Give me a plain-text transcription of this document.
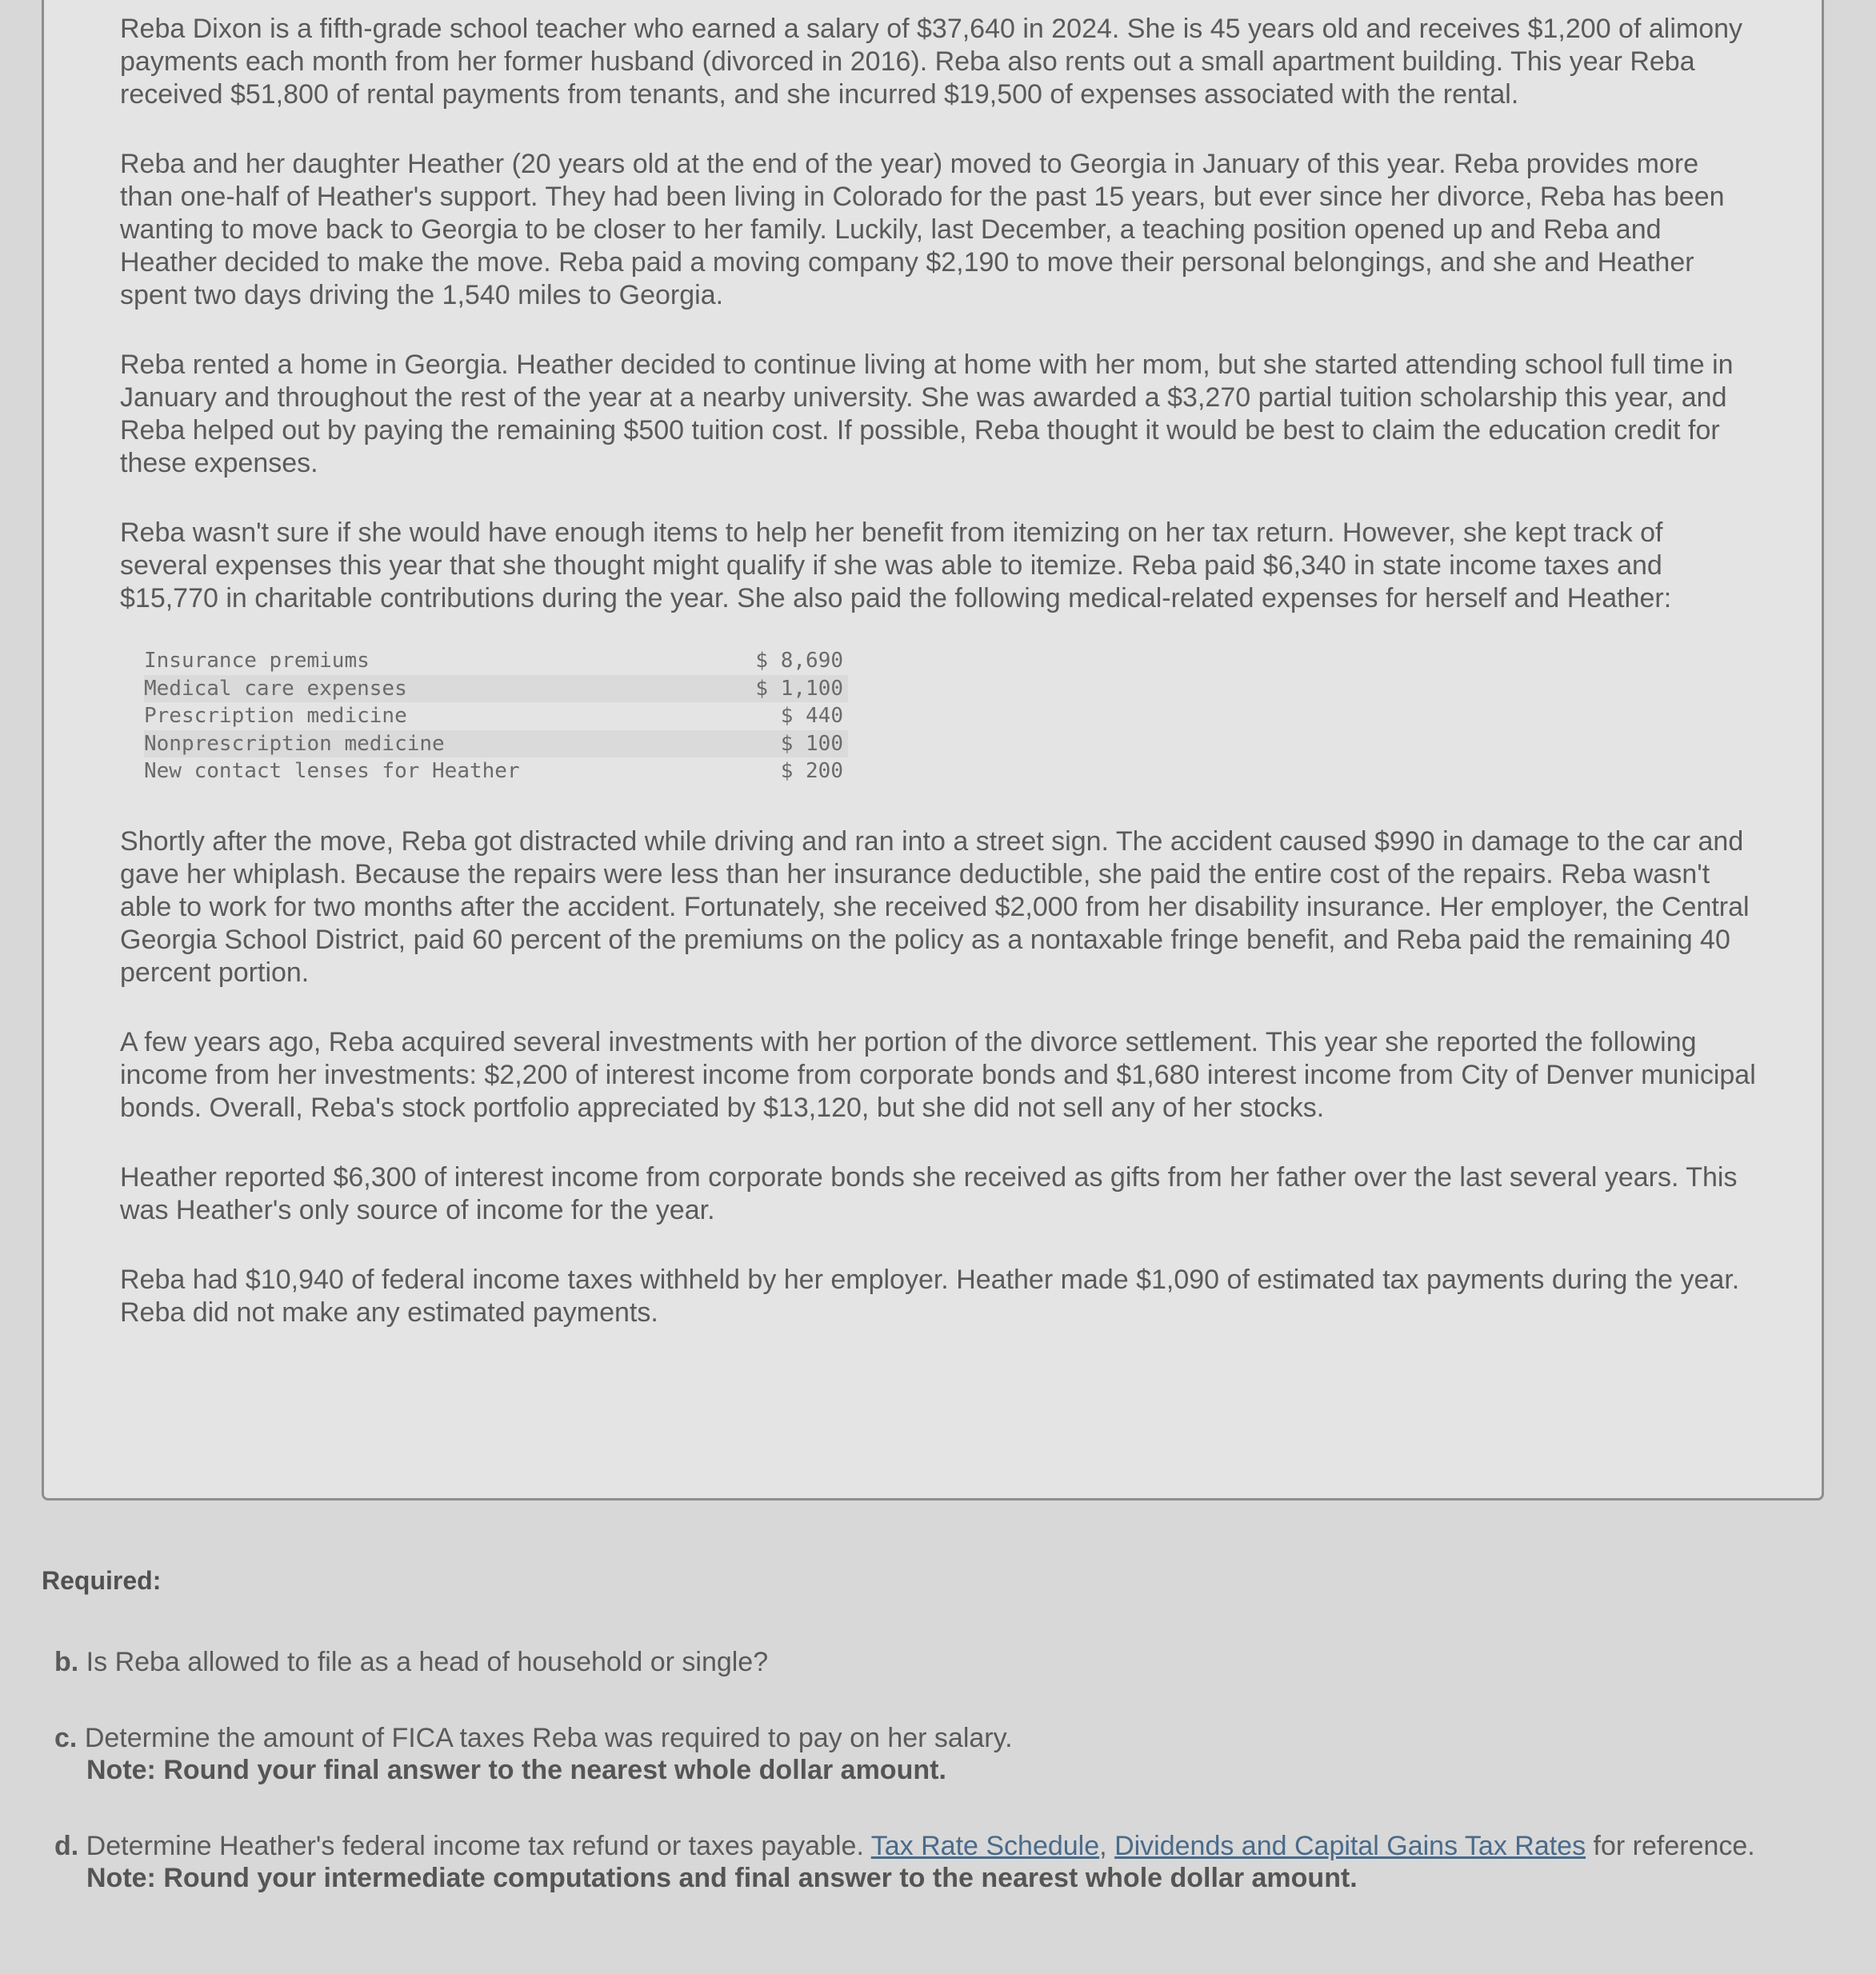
Reba Dixon is a fifth-grade school teacher who earned a salary of $37,640 in 2024. She is 45 years old and receives $1,200 of alimony payments each month from her former husband (divorced in 2016). Reba also rents out a small apartment building. This year Reba received $51,800 of rental payments from tenants, and she incurred $19,500 of expenses associated with the rental.

Reba and her daughter Heather (20 years old at the end of the year) moved to Georgia in January of this year. Reba provides more than one-half of Heather's support. They had been living in Colorado for the past 15 years, but ever since her divorce, Reba has been wanting to move back to Georgia to be closer to her family. Luckily, last December, a teaching position opened up and Reba and Heather decided to make the move. Reba paid a moving company $2,190 to move their personal belongings, and she and Heather spent two days driving the 1,540 miles to Georgia.

Reba rented a home in Georgia. Heather decided to continue living at home with her mom, but she started attending school full time in January and throughout the rest of the year at a nearby university. She was awarded a $3,270 partial tuition scholarship this year, and Reba helped out by paying the remaining $500 tuition cost. If possible, Reba thought it would be best to claim the education credit for these expenses.

Reba wasn't sure if she would have enough items to help her benefit from itemizing on her tax return. However, she kept track of several expenses this year that she thought might qualify if she was able to itemize. Reba paid $6,340 in state income taxes and $15,770 in charitable contributions during the year. She also paid the following medical-related expenses for herself and Heather:

Insurance premiums	$ 8,690
Medical care expenses	$ 1,100
Prescription medicine	$ 440
Nonprescription medicine	$ 100
New contact lenses for Heather	$ 200

Shortly after the move, Reba got distracted while driving and ran into a street sign. The accident caused $990 in damage to the car and gave her whiplash. Because the repairs were less than her insurance deductible, she paid the entire cost of the repairs. Reba wasn't able to work for two months after the accident. Fortunately, she received $2,000 from her disability insurance. Her employer, the Central Georgia School District, paid 60 percent of the premiums on the policy as a nontaxable fringe benefit, and Reba paid the remaining 40 percent portion.

A few years ago, Reba acquired several investments with her portion of the divorce settlement. This year she reported the following income from her investments: $2,200 of interest income from corporate bonds and $1,680 interest income from City of Denver municipal bonds. Overall, Reba's stock portfolio appreciated by $13,120, but she did not sell any of her stocks.

Heather reported $6,300 of interest income from corporate bonds she received as gifts from her father over the last several years. This was Heather's only source of income for the year.

Reba had $10,940 of federal income taxes withheld by her employer. Heather made $1,090 of estimated tax payments during the year. Reba did not make any estimated payments.

Required:
b. Is Reba allowed to file as a head of household or single?
c. Determine the amount of FICA taxes Reba was required to pay on her salary.
Note: Round your final answer to the nearest whole dollar amount.
d. Determine Heather's federal income tax refund or taxes payable. Tax Rate Schedule, Dividends and Capital Gains Tax Rates for reference.
Note: Round your intermediate computations and final answer to the nearest whole dollar amount.
